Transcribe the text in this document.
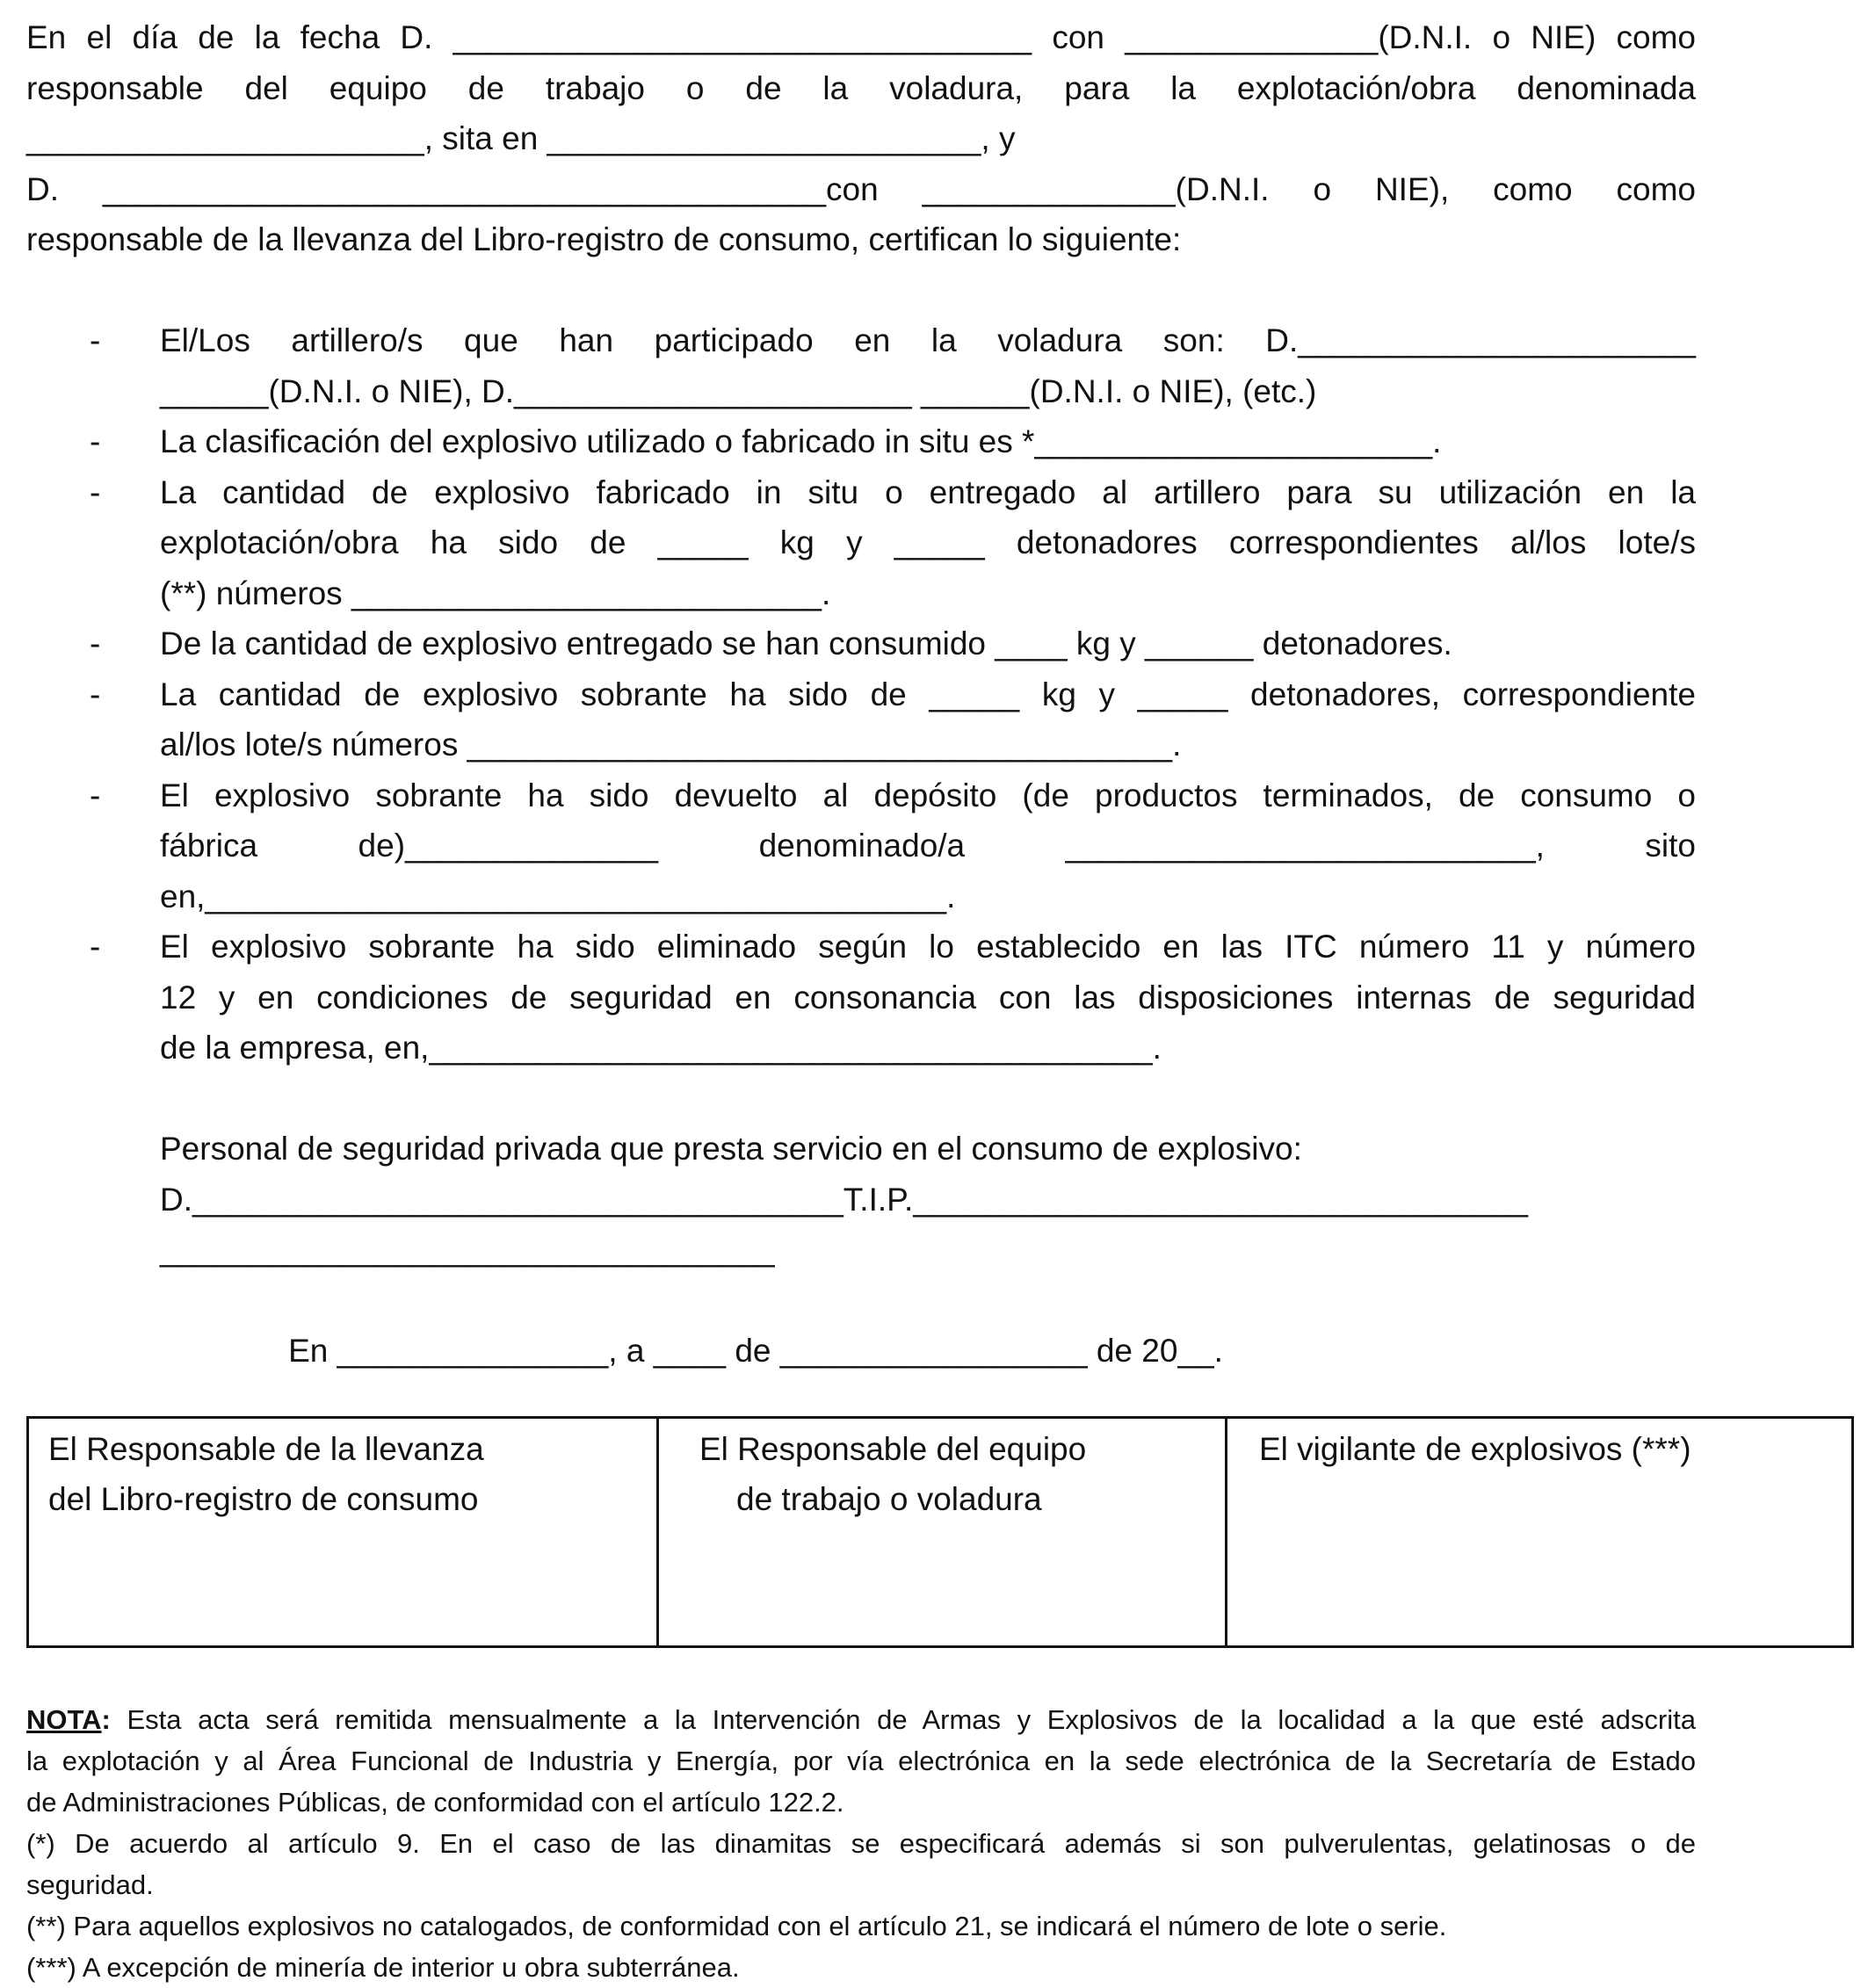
En el día de la fecha D. ________________________________ con ______________(D.N.I. o NIE) como
responsable del equipo de trabajo o de la voladura, para la explotación/obra denominada
______________________, sita en ________________________, y
D. ________________________________________con ______________(D.N.I. o NIE), como como
responsable de la llevanza del Libro-registro de consumo, certifican lo siguiente:
- El/Los artillero/s que han participado en la voladura son: D.______________________
______(D.N.I. o NIE), D.______________________ ______(D.N.I. o NIE), (etc.)
- La clasificación del explosivo utilizado o fabricado in situ es *______________________.
- La cantidad de explosivo fabricado in situ o entregado al artillero para su utilización en la
explotación/obra ha sido de _____ kg y _____ detonadores correspondientes al/los lote/s
(**) números __________________________.
- De la cantidad de explosivo entregado se han consumido ____ kg y ______ detonadores.
- La cantidad de explosivo sobrante ha sido de _____ kg y _____ detonadores, correspondiente
al/los lote/s números _______________________________________.
- El explosivo sobrante ha sido devuelto al depósito (de productos terminados, de consumo o
fábrica de)______________ denominado/a __________________________, sito
en,_________________________________________.
- El explosivo sobrante ha sido eliminado según lo establecido en las ITC número 11 y número
12 y en condiciones de seguridad en consonancia con las disposiciones internas de seguridad
de la empresa, en,________________________________________.
Personal de seguridad privada que presta servicio en el consumo de explosivo:
D.____________________________________T.I.P.__________________________________
__________________________________
En _______________, a ____ de _________________ de 20__.
El Responsable de la llevanza
del Libro-registro de consumo

El Responsable del equipo
de trabajo o voladura

El vigilante de explosivos (***)
NOTA: Esta acta será remitida mensualmente a la Intervención de Armas y Explosivos de la localidad a la que esté adscrita
la explotación y al Área Funcional de Industria y Energía, por vía electrónica en la sede electrónica de la Secretaría de Estado
de Administraciones Públicas, de conformidad con el artículo 122.2.
(*) De acuerdo al artículo 9. En el caso de las dinamitas se especificará además si son pulverulentas, gelatinosas o de
seguridad.
(**) Para aquellos explosivos no catalogados, de conformidad con el artículo 21, se indicará el número de lote o serie.
(***) A excepción de minería de interior u obra subterránea.
